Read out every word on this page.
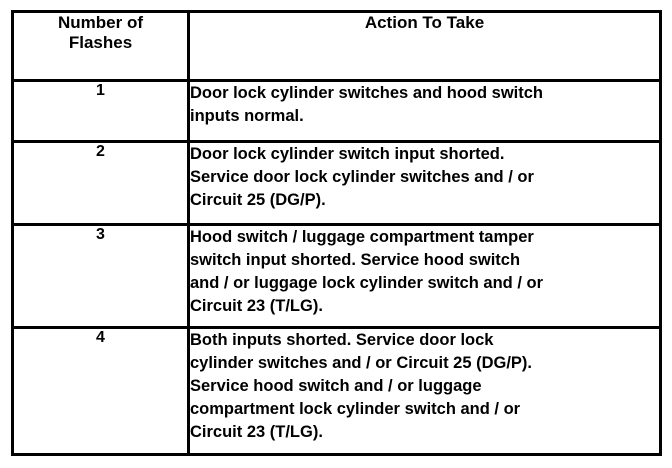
Number of
Flashes	Action To Take
1	Door lock cylinder switches and hood switch
inputs normal.

2	Door lock cylinder switch input shorted.
Service door lock cylinder switches and / or
Circuit 25 (DG/P).

3	Hood switch / luggage compartment tamper
switch input shorted. Service hood switch
and / or luggage lock cylinder switch and / or
Circuit 23 (T/LG).

4	Both inputs shorted. Service door lock
cylinder switches and / or Circuit 25 (DG/P).
Service hood switch and / or luggage
compartment lock cylinder switch and / or
Circuit 23 (T/LG).
